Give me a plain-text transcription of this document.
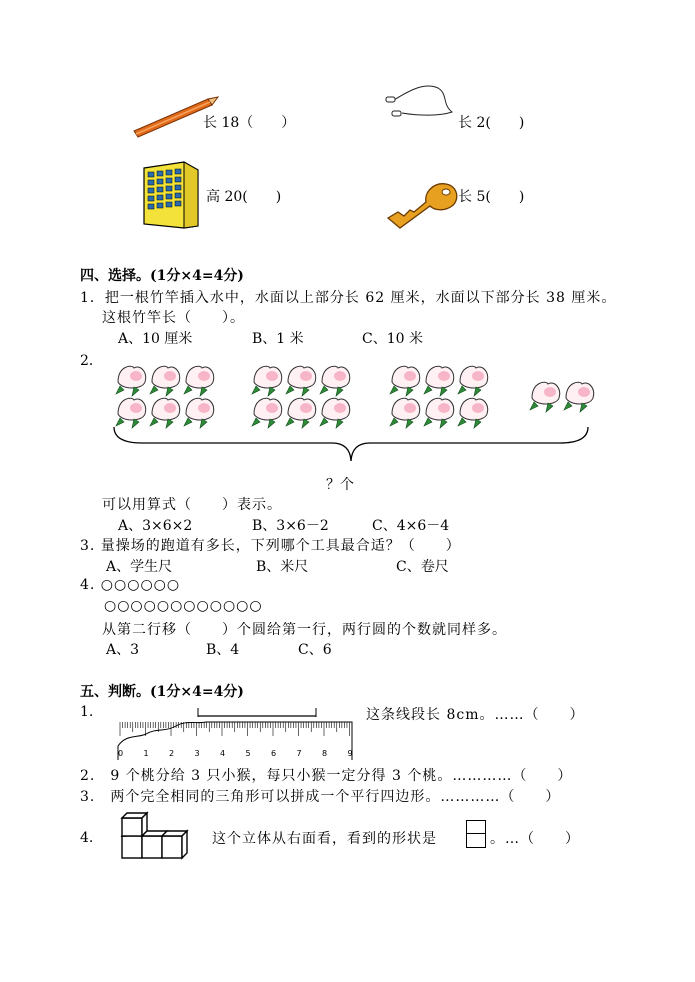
长 18（　　）	长 2(　　)
高 20(　　)	长 5(　　)
四、选择。(1分×4=4分)
1．把一根竹竿插入水中，水面以上部分长 62 厘米，水面以下部分长 38 厘米。
这根竹竿长（　　）。
A、10 厘米	B、1 米	C、10 米
2．
？个
可以用算式（　　）表示。
A、3×6×2	B、3×6－2	C、4×6－4
3. 量操场的跑道有多长，下列哪个工具最合适？（　　）
A、学生尺	B、米尺	C、卷尺
4. ○○○○○○
○○○○○○○○○○○○
从第二行移（　　）个圆给第一行，两行圆的个数就同样多。
A、3	B、4	C、6
五、判断。(1分×4=4分)
1.
0	1	2	3	4	5	6	7	8	9
这条线段长 8cm。……（　　）
2.　9 个桃分给 3 只小猴，每只小猴一定分得 3 个桃。…………（　　）
3.　两个完全相同的三角形可以拼成一个平行四边形。…………（　　）
4.	这个立体从右面看，看到的形状是	。…（　　）
